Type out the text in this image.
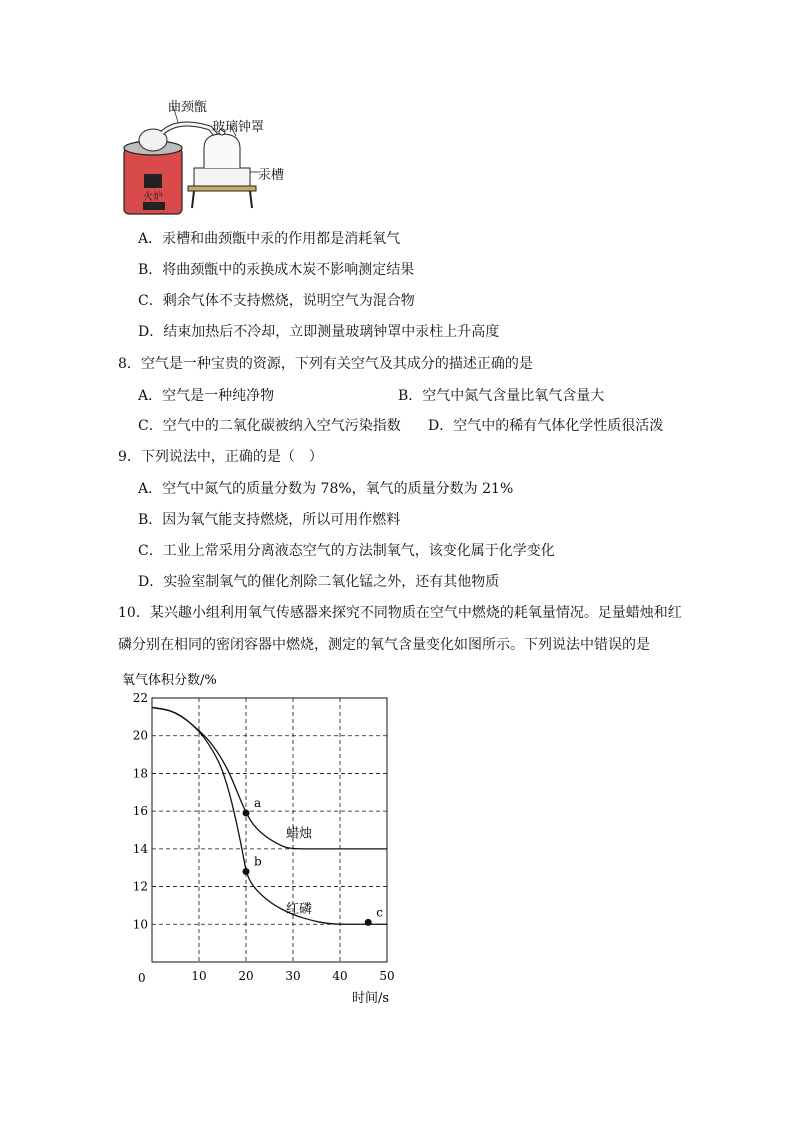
火炉
曲颈甑
玻璃钟罩
汞槽
A．汞槽和曲颈甑中汞的作用都是消耗氧气
B．将曲颈甑中的汞换成木炭不影响测定结果
C．剩余气体不支持燃烧，说明空气为混合物
D．结束加热后不冷却，立即测量玻璃钟罩中汞柱上升高度
8．空气是一种宝贵的资源，下列有关空气及其成分的描述正确的是
A．空气是一种纯净物	B．空气中氮气含量比氧气含量大
C．空气中的二氧化碳被纳入空气污染指数 D．空气中的稀有气体化学性质很活泼
9．下列说法中，正确的是（　）
A．空气中氮气的质量分数为 78%，氧气的质量分数为 21%
B．因为氧气能支持燃烧，所以可用作燃料
C．工业上常采用分离液态空气的方法制氧气，该变化属于化学变化
D．实验室制氧气的催化剂除二氧化锰之外，还有其他物质
10．某兴趣小组利用氧气传感器来探究不同物质在空气中燃烧的耗氧量情况。足量蜡烛和红
磷分别在相同的密闭容器中燃烧，测定的氧气含量变化如图所示。下列说法中错误的是
10	20	30	40	50
10
12
14
16
18
20
22
0
氧气体积分数/%
时间/s
蜡烛
红磷
a
b
c
